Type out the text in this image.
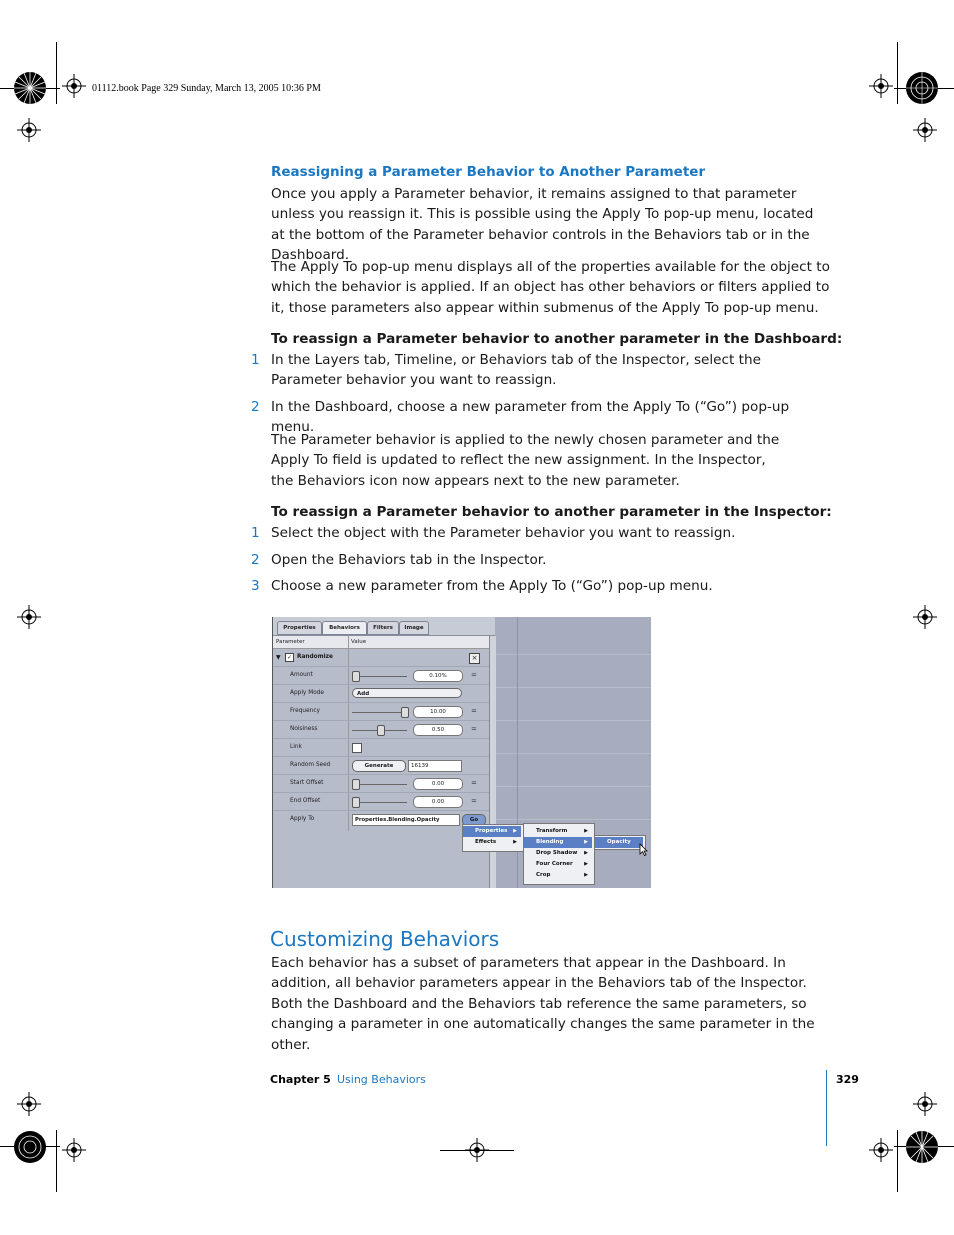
01112.book Page 329 Sunday, March 13, 2005 10:36 PM
Reassigning a Parameter Behavior to Another Parameter
Once you apply a Parameter behavior, it remains assigned to that parameter unless you reassign it. This is possible using the Apply To pop-up menu, located at the bottom of the Parameter behavior controls in the Behaviors tab or in the Dashboard.
The Apply To pop-up menu displays all of the properties available for the object to which the behavior is applied. If an object has other behaviors or filters applied to it, those parameters also appear within submenus of the Apply To pop-up menu.
To reassign a Parameter behavior to another parameter in the Dashboard:
1 In the Layers tab, Timeline, or Behaviors tab of the Inspector, select the Parameter behavior you want to reassign.
2 In the Dashboard, choose a new parameter from the Apply To (“Go”) pop-up menu.
The Parameter behavior is applied to the newly chosen parameter and the Apply To field is updated to reflect the new assignment. In the Inspector, the Behaviors icon now appears next to the new parameter.
To reassign a Parameter behavior to another parameter in the Inspector:
1 Select the object with the Parameter behavior you want to reassign.
2 Open the Behaviors tab in the Inspector.
3 Choose a new parameter from the Apply To (“Go”) pop-up menu.
Properties	Behaviors	Filters	Image
Parameter	Value
▼	✓ Randomize	×
Amount	0.10%	=
Apply Mode	Add
Frequency	10.00	=
Noisiness	0.50	=
Link
Random Seed	Generate	16139
Start Offset	0.00	=
End Offset	0.00	=
Apply To	Properties.Blending.Opacity	Go
Properties ▶
Effects	▶
Transform	▶
Blending	▶
Drop Shadow ▶
Four Corner ▶
Crop	▶
Opacity
Customizing Behaviors
Each behavior has a subset of parameters that appear in the Dashboard. In addition, all behavior parameters appear in the Behaviors tab of the Inspector. Both the Dashboard and the Behaviors tab reference the same parameters, so changing a parameter in one automatically changes the same parameter in the other.
Chapter 5 Using Behaviors	329
